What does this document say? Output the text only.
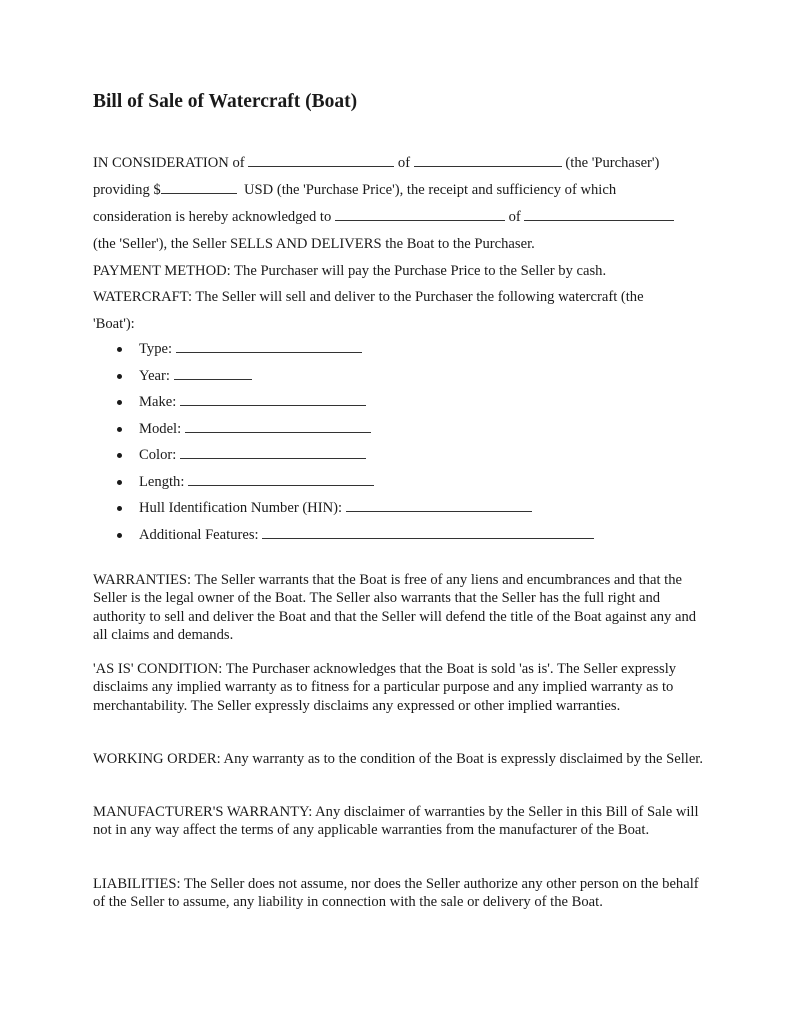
Bill of Sale of Watercraft (Boat)
IN CONSIDERATION of	of	(the 'Purchaser')
providing $	USD (the 'Purchase Price'), the receipt and sufficiency of which
consideration is hereby acknowledged to	of
(the 'Seller'), the Seller SELLS AND DELIVERS the Boat to the Purchaser.
PAYMENT METHOD: The Purchaser will pay the Purchase Price to the Seller by cash.
WATERCRAFT: The Seller will sell and deliver to the Purchaser the following watercraft (the
'Boat'):
Type:
Year:
Make:
Model:
Color:
Length:
Hull Identification Number (HIN):
Additional Features:

WARRANTIES: The Seller warrants that the Boat is free of any liens and encumbrances and that the Seller is the legal owner of the Boat. The Seller also warrants that the Seller has the full right and authority to sell and deliver the Boat and that the Seller will defend the title of the Boat against any and all claims and demands.

'AS IS' CONDITION: The Purchaser acknowledges that the Boat is sold 'as is'. The Seller expressly disclaims any implied warranty as to fitness for a particular purpose and any implied warranty as to merchantability. The Seller expressly disclaims any expressed or other implied warranties.

WORKING ORDER: Any warranty as to the condition of the Boat is expressly disclaimed by the Seller.

MANUFACTURER'S WARRANTY: Any disclaimer of warranties by the Seller in this Bill of Sale will not in any way affect the terms of any applicable warranties from the manufacturer of the Boat.

LIABILITIES: The Seller does not assume, nor does the Seller authorize any other person on the behalf of the Seller to assume, any liability in connection with the sale or delivery of the Boat.
